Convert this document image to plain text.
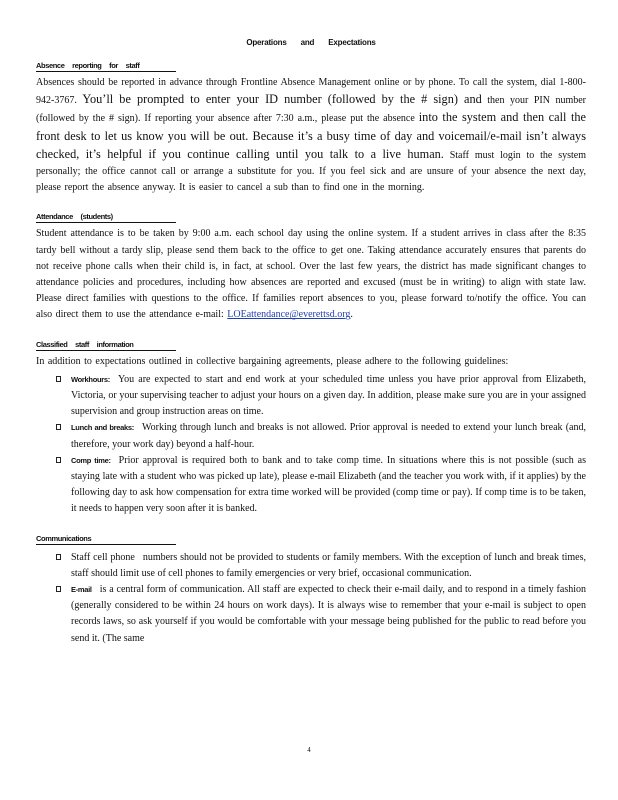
Operations and Expectations
Absence reporting for staff

Absences should be reported in advance through Frontline Absence Management online or by phone. To call the system, dial 1-800-942-3767. You’ll be prompted to enter your ID number (followed by the # sign) and then your PIN number (followed by the # sign). If reporting your absence after 7:30 a.m., please put the absence into the system and then call the front desk to let us know you will be out. Because it’s a busy time of day and voicemail/e-mail isn’t always checked, it’s helpful if you continue calling until you talk to a live human. Staff must login to the system personally; the office cannot call or arrange a substitute for you. If you feel sick and are unsure of your absence the next day, please report the absence anyway. It is easier to cancel a sub than to find one in the morning.

Attendance (students)

Student attendance is to be taken by 9:00 a.m. each school day using the online system. If a student arrives in class after the 8:35 tardy bell without a tardy slip, please send them back to the office to get one. Taking attendance accurately ensures that parents do not receive phone calls when their child is, in fact, at school. Over the last few years, the district has made significant changes to attendance policies and procedures, including how absences are reported and excused (must be in writing) to align with state law. Please direct families with questions to the office. If families report absences to you, please forward to/notify the office. You can also direct them to use the attendance e-mail: LOEattendance@everettsd.org.

Classified staff information

In addition to expectations outlined in collective bargaining agreements, please adhere to the following guidelines:

Workhours: You are expected to start and end work at your scheduled time unless you have prior approval from Elizabeth, Victoria, or your supervising teacher to adjust your hours on a given day. In addition, please make sure you are in your assigned supervision and group instruction areas on time.
Lunch and breaks: Working through lunch and breaks is not allowed. Prior approval is needed to extend your lunch break (and, therefore, your work day) beyond a half-hour.
Comp time: Prior approval is required both to bank and to take comp time. In situations where this is not possible (such as staying late with a student who was picked up late), please e-mail Elizabeth (and the teacher you work with, if it applies) by the following day to ask how compensation for extra time worked will be provided (comp time or pay). If comp time is to be taken, it needs to happen very soon after it is banked.
Communications
Staff cell phone numbers should not be provided to students or family members. With the exception of lunch and break times, staff should limit use of cell phones to family emergencies or very brief, occasional communication.
E-mail is a central form of communication. All staff are expected to check their e-mail daily, and to respond in a timely fashion (generally considered to be within 24 hours on work days). It is always wise to remember that your e-mail is subject to open records laws, so ask yourself if you would be comfortable with your message being published for the public to read before you send it. (The same
4
